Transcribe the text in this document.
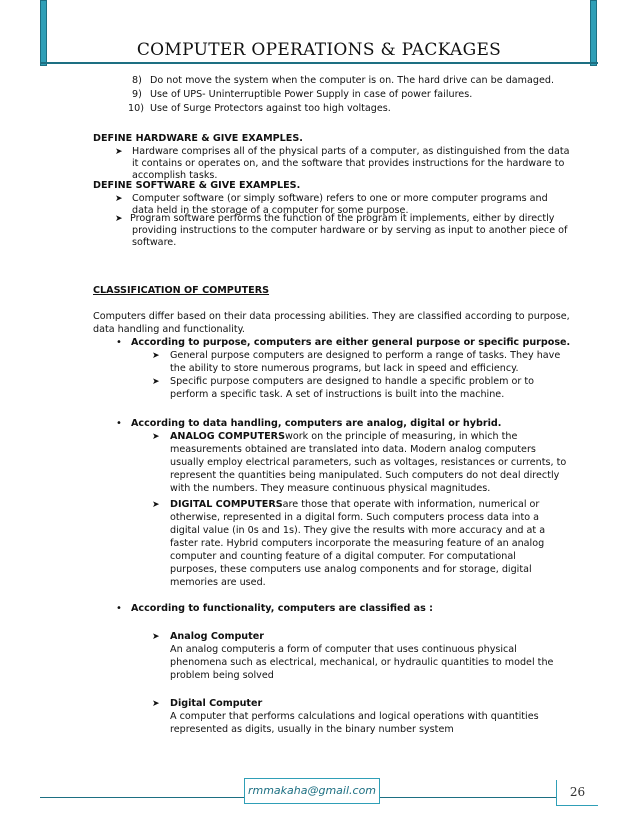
COMPUTER OPERATIONS & PACKAGES
8) Do not move the system when the computer is on. The hard drive can be damaged.
9) Use of UPS- Uninterruptible Power Supply in case of power failures.
10) Use of Surge Protectors against too high voltages.
DEFINE HARDWARE & GIVE EXAMPLES.
➤ Hardware comprises all of the physical parts of a computer, as distinguished from the data
it contains or operates on, and the software that provides instructions for the hardware to
accomplish tasks.
DEFINE SOFTWARE & GIVE EXAMPLES.
➤ Computer software (or simply software) refers to one or more computer programs and
data held in the storage of a computer for some purpose.
➤ Program software performs the function of the program it implements, either by directly
providing instructions to the computer hardware or by serving as input to another piece of
software.
CLASSIFICATION OF COMPUTERS
Computers differ based on their data processing abilities. They are classified according to purpose,
data handling and functionality.
• According to purpose, computers are either general purpose or specific purpose.
➤ General purpose computers are designed to perform a range of tasks. They have
the ability to store numerous programs, but lack in speed and efficiency.
➤ Specific purpose computers are designed to handle a specific problem or to
perform a specific task. A set of instructions is built into the machine.
• According to data handling, computers are analog, digital or hybrid.
➤ ANALOG COMPUTERSwork on the principle of measuring, in which the
measurements obtained are translated into data. Modern analog computers
usually employ electrical parameters, such as voltages, resistances or currents, to
represent the quantities being manipulated. Such computers do not deal directly
with the numbers. They measure continuous physical magnitudes.
➤ DIGITAL COMPUTERSare those that operate with information, numerical or
otherwise, represented in a digital form. Such computers process data into a
digital value (in 0s and 1s). They give the results with more accuracy and at a
faster rate. Hybrid computers incorporate the measuring feature of an analog
computer and counting feature of a digital computer. For computational
purposes, these computers use analog components and for storage, digital
memories are used.
• According to functionality, computers are classified as :
➤ Analog Computer
An analog computeris a form of computer that uses continuous physical
phenomena such as electrical, mechanical, or hydraulic quantities to model the
problem being solved
➤ Digital Computer
A computer that performs calculations and logical operations with quantities
represented as digits, usually in the binary number system
rmmakaha@gmail.com	26
